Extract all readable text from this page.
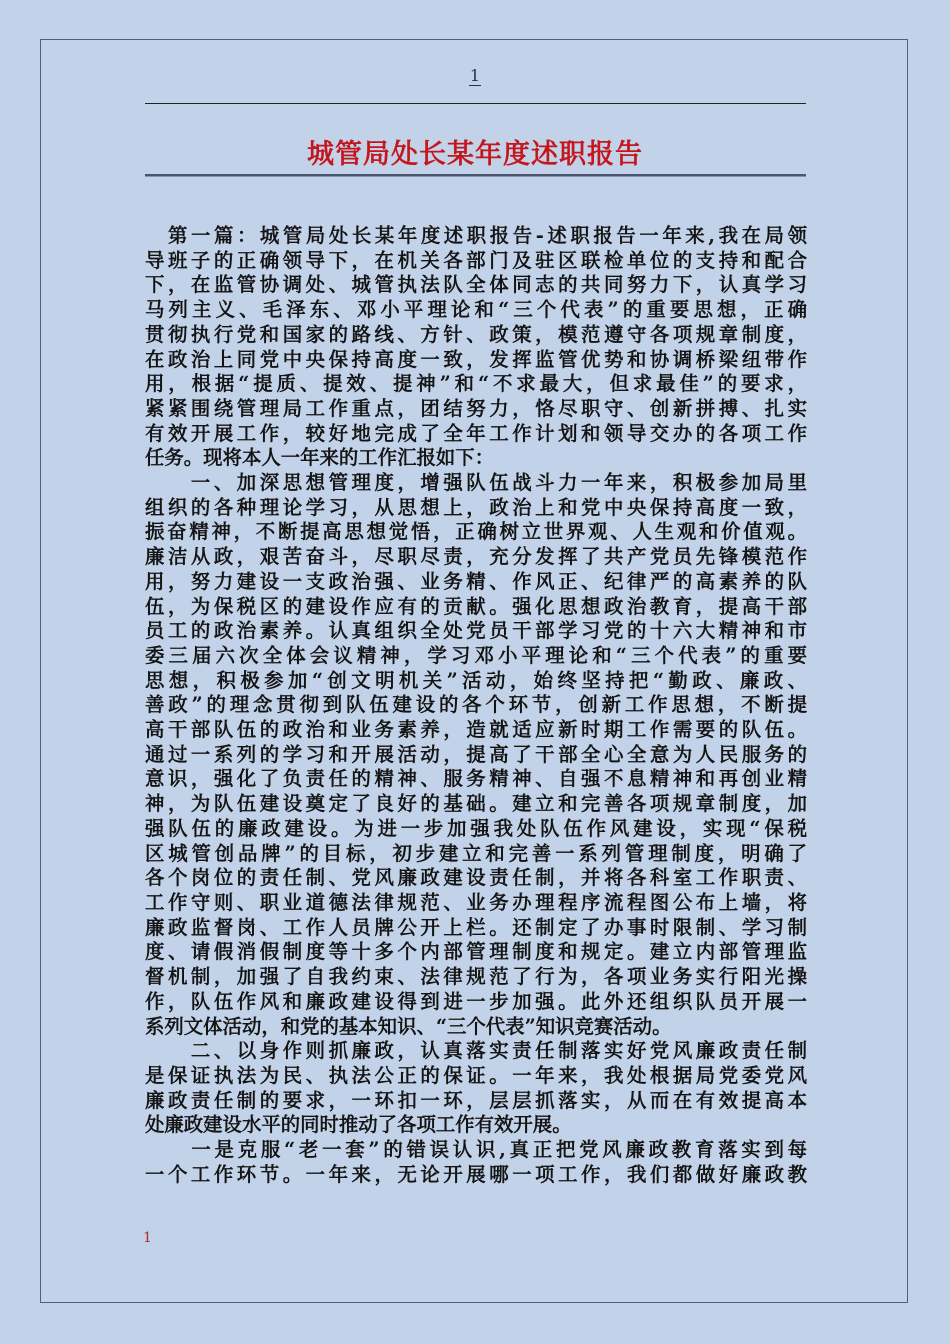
1
城管局处长某年度述职报告
　第一篇：城管局处长某年度述职报告-述职报告一年来,我在局领
导班子的正确领导下，在机关各部门及驻区联检单位的支持和配合
下，在监管协调处、城管执法队全体同志的共同努力下，认真学习
马列主义、毛泽东、邓小平理论和“三个代表”的重要思想，正确
贯彻执行党和国家的路线、方针、政策，模范遵守各项规章制度，
在政治上同党中央保持高度一致，发挥监管优势和协调桥梁纽带作
用，根据“提质、提效、提神”和“不求最大，但求最佳”的要求，
紧紧围绕管理局工作重点，团结努力，恪尽职守、创新拼搏、扎实
有效开展工作，较好地完成了全年工作计划和领导交办的各项工作
任务。现将本人一年来的工作汇报如下：
　　一、加深思想管理度，增强队伍战斗力一年来，积极参加局里
组织的各种理论学习，从思想上，政治上和党中央保持高度一致，
振奋精神，不断提高思想觉悟，正确树立世界观、人生观和价值观。
廉洁从政，艰苦奋斗，尽职尽责，充分发挥了共产党员先锋模范作
用，努力建设一支政治强、业务精、作风正、纪律严的高素养的队
伍，为保税区的建设作应有的贡献。强化思想政治教育，提高干部
员工的政治素养。认真组织全处党员干部学习党的十六大精神和市
委三届六次全体会议精神，学习邓小平理论和“三个代表”的重要
思想，积极参加“创文明机关”活动，始终坚持把“勤政、廉政、
善政”的理念贯彻到队伍建设的各个环节，创新工作思想，不断提
高干部队伍的政治和业务素养，造就适应新时期工作需要的队伍。
通过一系列的学习和开展活动，提高了干部全心全意为人民服务的
意识，强化了负责任的精神、服务精神、自强不息精神和再创业精
神，为队伍建设奠定了良好的基础。建立和完善各项规章制度，加
强队伍的廉政建设。为进一步加强我处队伍作风建设，实现“保税
区城管创品牌”的目标，初步建立和完善一系列管理制度，明确了
各个岗位的责任制、党风廉政建设责任制，并将各科室工作职责、
工作守则、职业道德法律规范、业务办理程序流程图公布上墙，将
廉政监督岗、工作人员牌公开上栏。还制定了办事时限制、学习制
度、请假消假制度等十多个内部管理制度和规定。建立内部管理监
督机制，加强了自我约束、法律规范了行为，各项业务实行阳光操
作，队伍作风和廉政建设得到进一步加强。此外还组织队员开展一
系列文体活动，和党的基本知识、“三个代表”知识竞赛活动。
　　二、以身作则抓廉政，认真落实责任制落实好党风廉政责任制
是保证执法为民、执法公正的保证。一年来，我处根据局党委党风
廉政责任制的要求，一环扣一环，层层抓落实，从而在有效提高本
处廉政建设水平的同时推动了各项工作有效开展。
　　一是克服“老一套”的错误认识,真正把党风廉政教育落实到每
一个工作环节。一年来，无论开展哪一项工作，我们都做好廉政教
1
